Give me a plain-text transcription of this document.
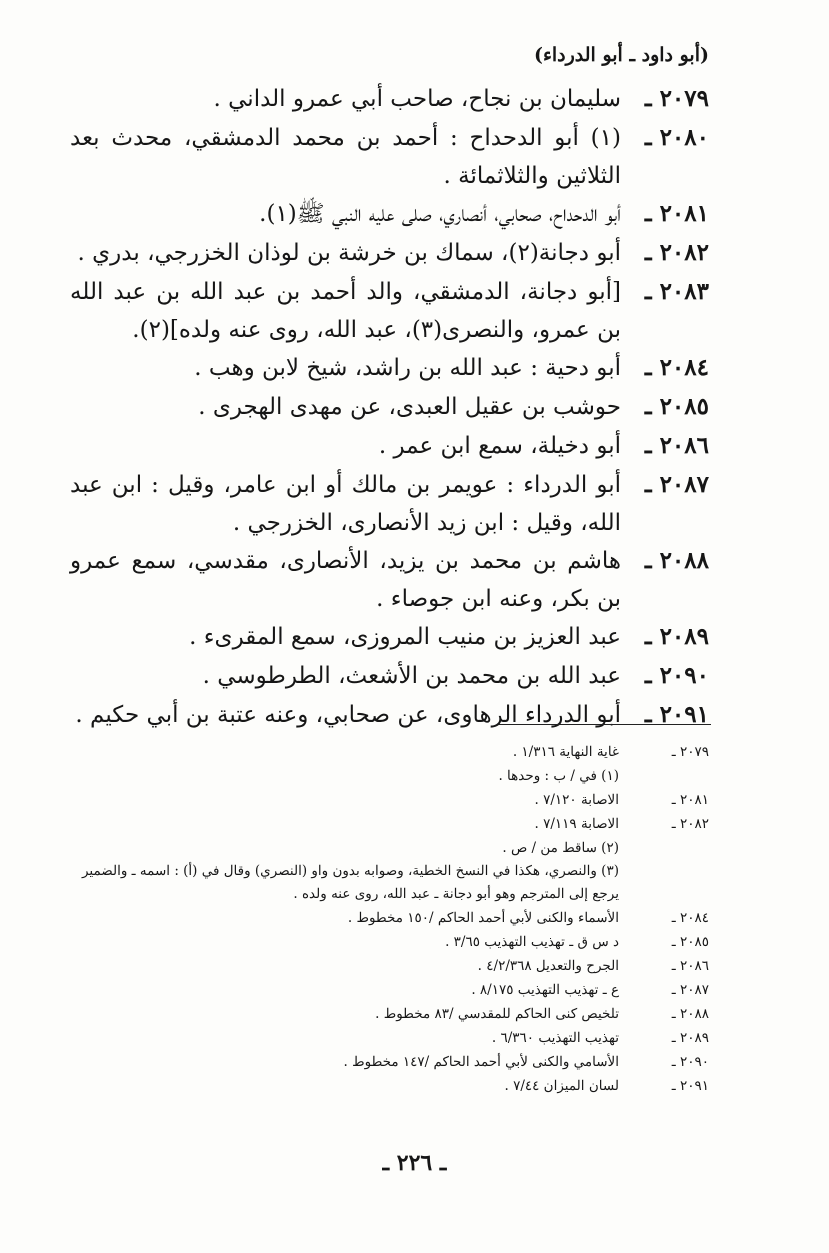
(أبو داود ـ أبو الدرداء)
٢٠٧٩ ـ
سليمان بن نجاح، صاحب أبي عمرو الداني .
٢٠٨٠ ـ
(١) أبو الدحداح : أحمد بن محمد الدمشقي، محدث بعد الثلاثين والثلاثمائة .
٢٠٨١ ـ
أبو الدحداح، صحابي، أنصاري، صلى عليه النبي ﷺ(١).
٢٠٨٢ ـ
أبو دجانة(٢)، سماك بن خرشة بن لوذان الخزرجي، بدري .
٢٠٨٣ ـ
[أبو دجانة، الدمشقي، والد أحمد بن عبد الله بن عبد الله بن عمرو، والنصرى(٣)، عبد الله، روى عنه ولده](٢).
٢٠٨٤ ـ
أبو دحية : عبد الله بن راشد، شيخ لابن وهب .
٢٠٨٥ ـ
حوشب بن عقيل العبدى، عن مهدى الهجرى .
٢٠٨٦ ـ
أبو دخيلة، سمع ابن عمر .
٢٠٨٧ ـ
أبو الدرداء : عويمر بن مالك أو ابن عامر، وقيل : ابن عبد الله، وقيل : ابن زيد الأنصارى، الخزرجي .
٢٠٨٨ ـ
هاشم بن محمد بن يزيد، الأنصارى، مقدسي، سمع عمرو بن بكر، وعنه ابن جوصاء .
٢٠٨٩ ـ
عبد العزيز بن منيب المروزى، سمع المقرىء .
٢٠٩٠ ـ
عبد الله بن محمد بن الأشعث، الطرطوسي .
٢٠٩١ ـ
أبو الدرداء الرهاوى، عن صحابي، وعنه عتبة بن أبي حكيم .
٢٠٧٩ ـ
غاية النهاية ١/٣١٦ .
(١) في / ب : وحدها .
٢٠٨١ ـ
الاصابة ٧/١٢٠ .
٢٠٨٢ ـ
الاصابة ٧/١١٩ .
(٢) ساقط من / ص .
(٣) والنصري، هكذا في النسخ الخطية، وصوابه بدون واو (النصري) وقال في (أ) : اسمه ـ والضمير يرجع إلى المترجم وهو أبو دجانة ـ عبد الله، روى عنه ولده .
٢٠٨٤ ـ
الأسماء والكنى لأبي أحمد الحاكم /١٥٠ مخطوط .
٢٠٨٥ ـ
د س ق ـ تهذيب التهذيب ٣/٦٥ .
٢٠٨٦ ـ
الجرح والتعديل ٤/٢/٣٦٨ .
٢٠٨٧ ـ
ع ـ تهذيب التهذيب ٨/١٧٥ .
٢٠٨٨ ـ
تلخيص كنى الحاكم للمقدسي /٨٣ مخطوط .
٢٠٨٩ ـ
تهذيب التهذيب ٦/٣٦٠ .
٢٠٩٠ ـ
الأسامي والكنى لأبي أحمد الحاكم /١٤٧ مخطوط .
٢٠٩١ ـ
لسان الميزان ٧/٤٤ .
ـ ٢٢٦ ـ
